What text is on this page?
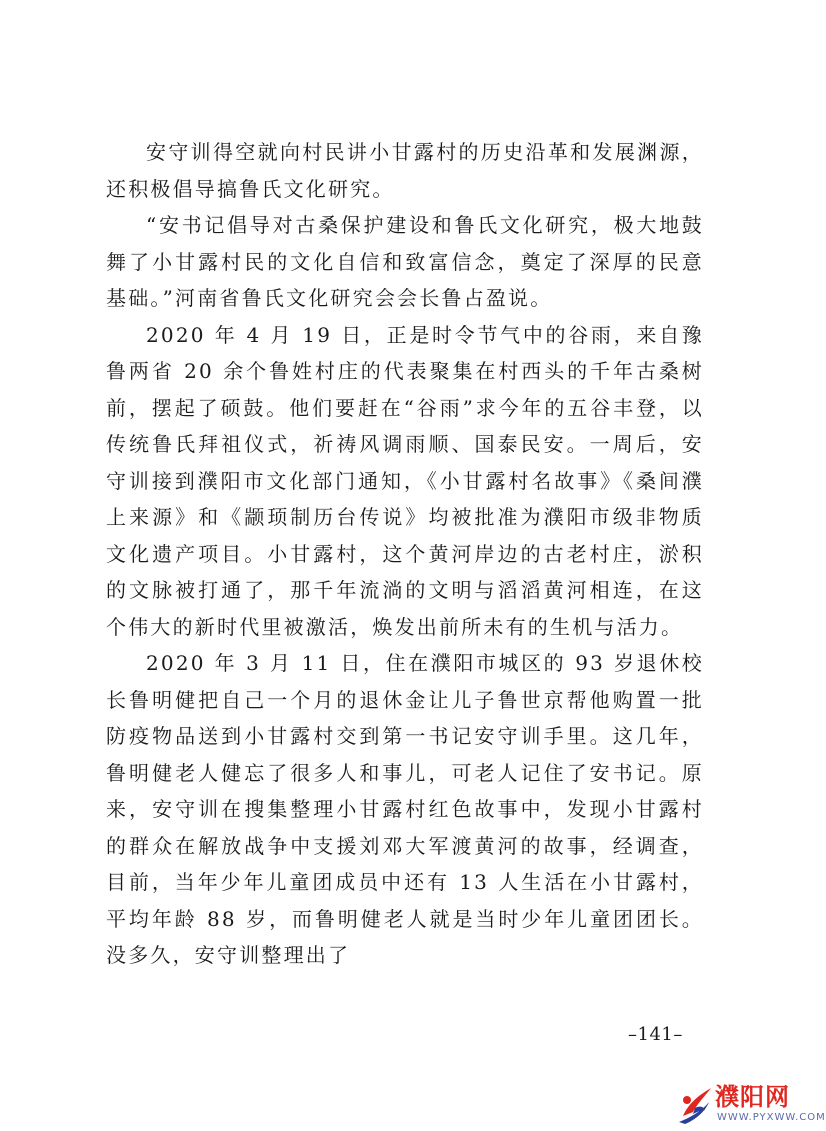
安守训得空就向村民讲小甘露村的历史沿革和发展渊源，还积极倡导搞鲁氏文化研究。

“安书记倡导对古桑保护建设和鲁氏文化研究，极大地鼓舞了小甘露村民的文化自信和致富信念，奠定了深厚的民意基础。”河南省鲁氏文化研究会会长鲁占盈说。

2020 年 4 月 19 日，正是时令节气中的谷雨，来自豫鲁两省 20 余个鲁姓村庄的代表聚集在村西头的千年古桑树前，摆起了硕鼓。他们要赶在“谷雨”求今年的五谷丰登，以传统鲁氏拜祖仪式，祈祷风调雨顺、国泰民安。一周后，安守训接到濮阳市文化部门通知，《小甘露村名故事》《桑间濮上来源》和《颛顼制历台传说》均被批准为濮阳市级非物质文化遗产项目。小甘露村，这个黄河岸边的古老村庄，淤积的文脉被打通了，那千年流淌的文明与滔滔黄河相连，在这个伟大的新时代里被激活，焕发出前所未有的生机与活力。

2020 年 3 月 11 日，住在濮阳市城区的 93 岁退休校长鲁明健把自己一个月的退休金让儿子鲁世京帮他购置一批防疫物品送到小甘露村交到第一书记安守训手里。这几年，鲁明健老人健忘了很多人和事儿，可老人记住了安书记。原来，安守训在搜集整理小甘露村红色故事中，发现小甘露村的群众在解放战争中支援刘邓大军渡黄河的故事，经调查，目前，当年少年儿童团成员中还有 13 人生活在小甘露村，平均年龄 88 岁，而鲁明健老人就是当时少年儿童团团长。没多久，安守训整理出了

–141–
濮阳网
WWW.PYXWW.COM
